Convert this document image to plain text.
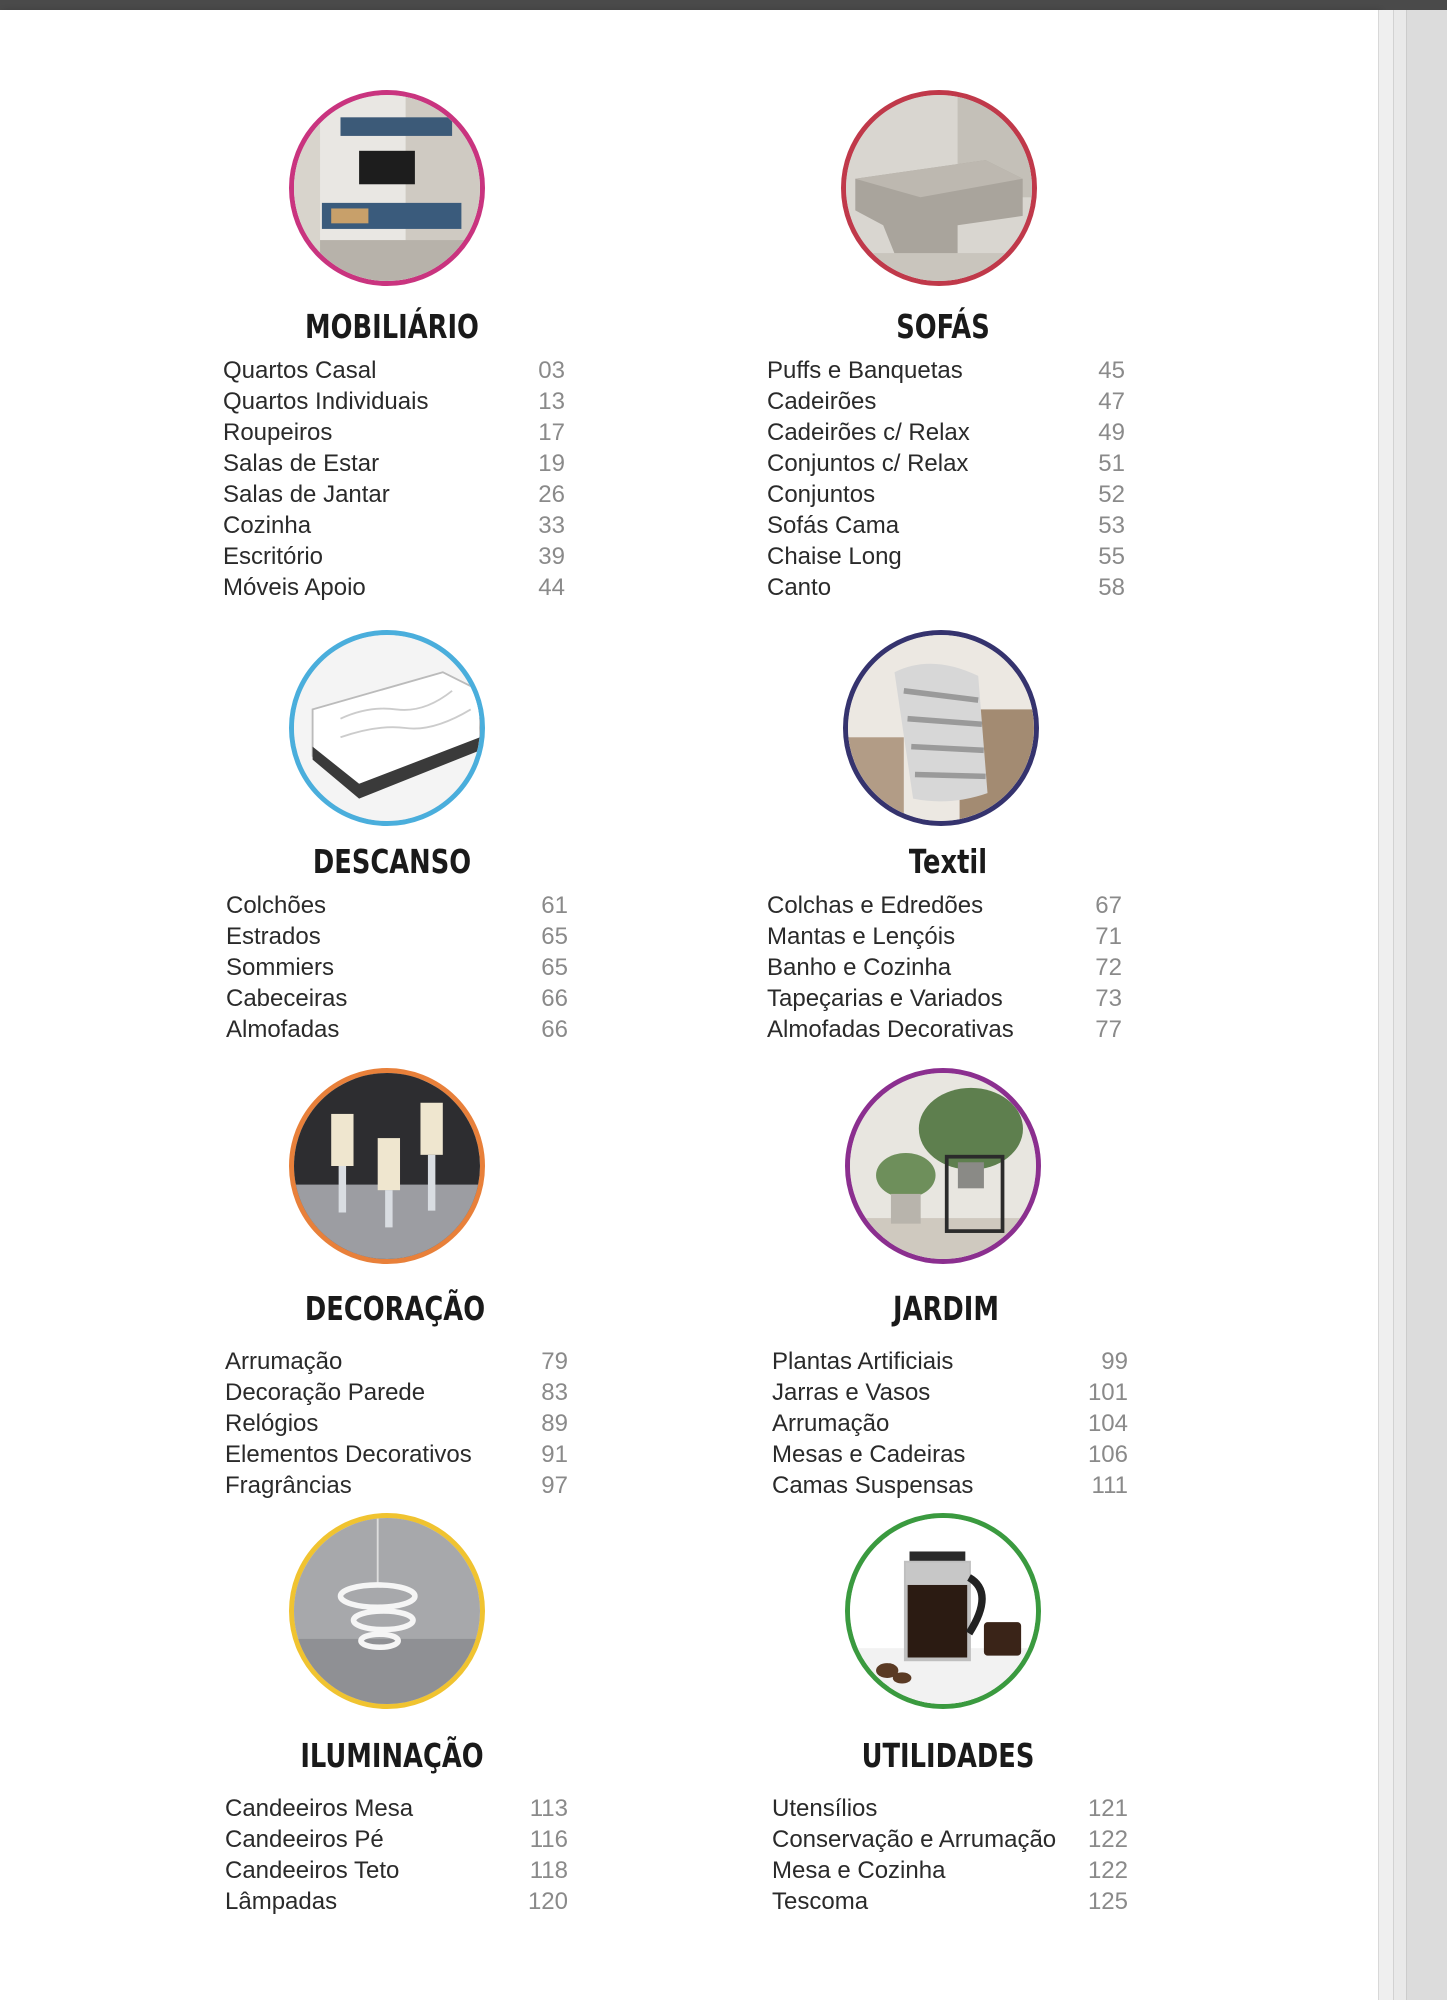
MOBILIÁRIO
Quartos Casal	03
Quartos Individuais	13
Roupeiros	17
Salas de Estar	19
Salas de Jantar	26
Cozinha	33
Escritório	39
Móveis Apoio	44
SOFÁS
Puffs e Banquetas	45
Cadeirões	47
Cadeirões c/ Relax	49
Conjuntos c/ Relax	51
Conjuntos	52
Sofás Cama	53
Chaise Long	55
Canto	58
DESCANSO
Colchões	61
Estrados	65
Sommiers	65
Cabeceiras	66
Almofadas	66
Textil
Colchas e Edredões	67
Mantas e Lençóis	71
Banho e Cozinha	72
Tapeçarias e Variados	73
Almofadas Decorativas	77
DECORAÇÃO
Arrumação	79
Decoração Parede	83
Relógios	89
Elementos Decorativos	91
Fragrâncias	97
JARDIM
Plantas Artificiais	99
Jarras e Vasos	101
Arrumação	104
Mesas e Cadeiras	106
Camas Suspensas	111
ILUMINAÇÃO
Candeeiros Mesa	113
Candeeiros Pé	116
Candeeiros Teto	118
Lâmpadas	120
UTILIDADES
Utensílios	121
Conservação e Arrumação 122
Mesa e Cozinha	122
Tescoma	125
